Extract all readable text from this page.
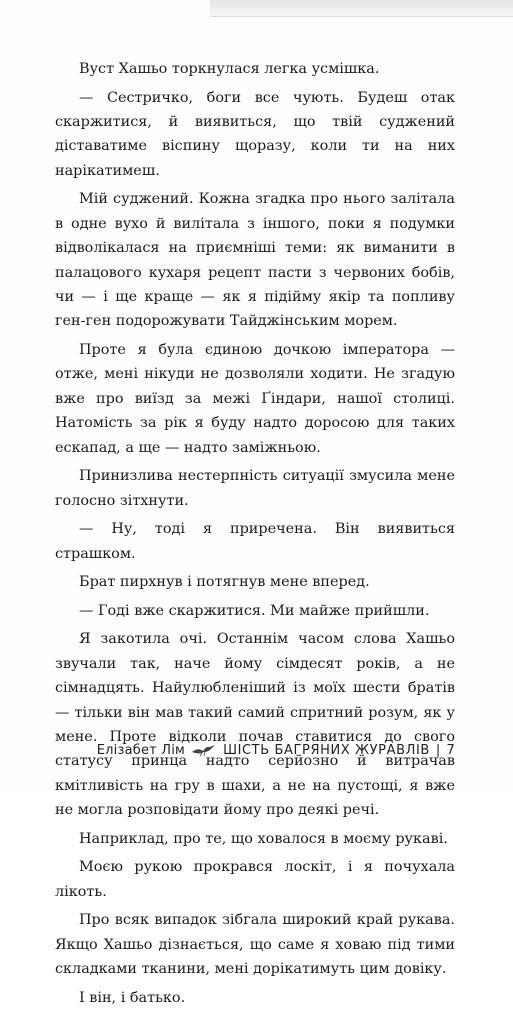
Вуст Хашьо торкнулася легка усмішка.

— Сестричко, боги все чують. Будеш отак скаржитися, й виявиться, що твій суджений діставатиме віспину щоразу, коли ти на них нарікатимеш.

Мій суджений. Кожна згадка про нього залітала в одне вухо й вилітала з іншого, поки я подумки відволікалася на приємніші теми: як виманити в палацового кухаря рецепт пасти з червоних бобів, чи — і ще краще — як я підійму якір та попливу ген-ген подорожувати Тайджінським морем.

Проте я була єдиною дочкою імператора — отже, мені нікуди не дозволяли ходити. Не згадую вже про виїзд за межі Ґіндари, нашої столиці. Натомість за рік я буду надто доросою для таких ескапад, а ще — надто заміжньою.

Принизлива нестерпність ситуації змусила мене голосно зітхнути.

— Ну, тоді я приречена. Він виявиться страшком.

Брат пирхнув і потягнув мене вперед.

— Годі вже скаржитися. Ми майже прийшли.

Я закотила очі. Останнім часом слова Хашьо звучали так, наче йому сімдесят років, а не сімнадцять. Найулюбленіший із моїх шести братів — тільки він мав такий самий спритний розум, як у мене. Проте відколи почав ставитися до свого статусу принца надто серйозно й витрачав кмітливість на гру в шахи, а не на пустощі, я вже не могла розповідати йому про деякі речі.

Наприклад, про те, що ховалося в моєму рукаві.

Моєю рукою прокрався лоскіт, і я почухала лікоть.

Про всяк випадок зібгала широкий край рукава. Якщо Хашьо дізнається, що саме я ховаю під тими складками тканини, мені дорікатимуть цим довіку.

І він, і батько.

Елізабет Лім	ШІСТЬ БАГРЯНИХ ЖУРАВЛІВ | 7
